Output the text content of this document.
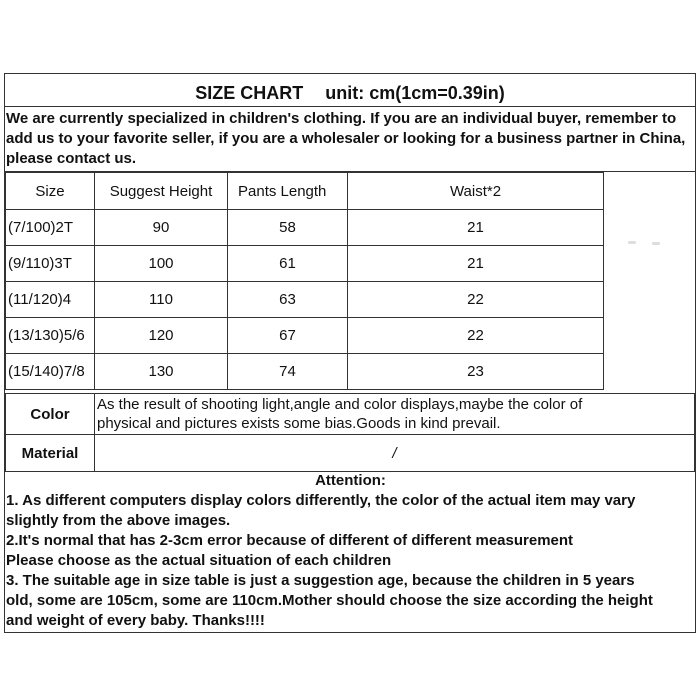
SIZE CHART unit: cm(1cm=0.39in)
We are currently specialized in children's clothing. If you are an individual buyer, remember to add us to your favorite seller, if you are a wholesaler or looking for a business partner in China, please contact us.
Size	Suggest Height	Pants Length	Waist*2	
(7/100)2T	90	58	21	
(9/110)3T	100	61	21	
(11/120)4	110	63	22	
(13/130)5/6	120	67	22	
(15/140)7/8	130	74	23	
Color	As the result of shooting light,angle and color displays,maybe the color of
physical and pictures exists some bias.Goods in kind prevail.

Material	/
Attention:
1. As different computers display colors differently, the color of the actual item may vary
slightly from the above images.
2.It's normal that has 2-3cm error because of different of different measurement
Please choose as the actual situation of each children
3. The suitable age in size table is just a suggestion age, because the children in 5 years
old, some are 105cm, some are 110cm.Mother should choose the size according the height
and weight of every baby. Thanks!!!!
